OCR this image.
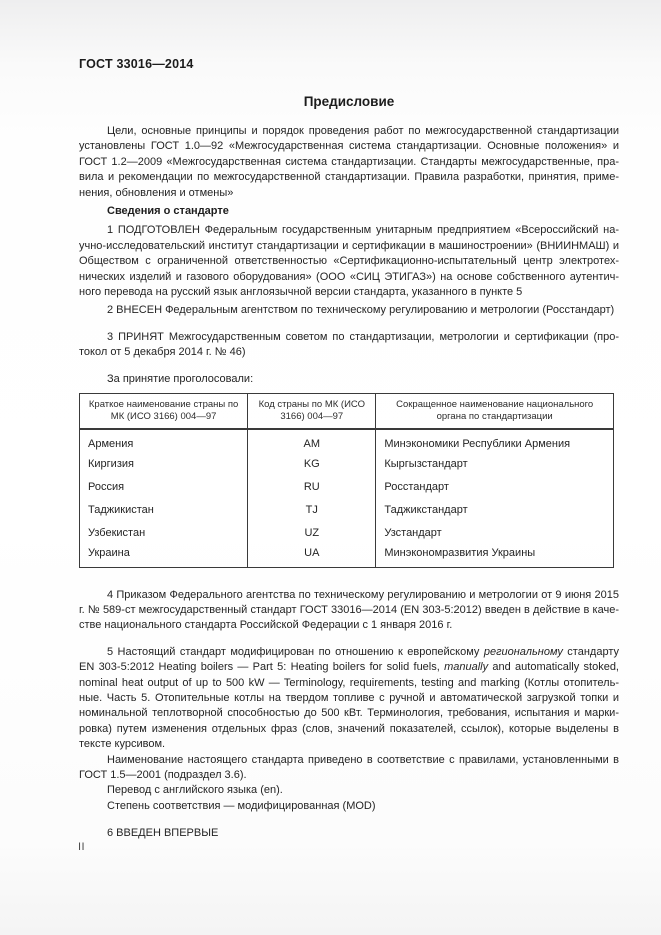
ГОСТ 33016—2014
Предисловие

Цели, основные принципы и порядок проведения работ по межгосударственной стандартизации установлены ГОСТ 1.0—92 «Межгосударственная система стандартизации. Основные положения» и ГОСТ 1.2—2009 «Межгосударственная система стандартизации. Стандарты межгосударственные, правила и рекомендации по межгосударственной стандартизации. Правила разработки, принятия, применения, обновления и отмены»

Сведения о стандарте

1 ПОДГОТОВЛЕН Федеральным государственным унитарным предприятием «Всероссийский научно-исследовательский институт стандартизации и сертификации в машиностроении» (ВНИИНМАШ) и Обществом с ограниченной ответственностью «Сертификационно-испытательный центр электротехнических изделий и газового оборудования» (ООО «СИЦ ЭТИГАЗ») на основе собственного аутентичного перевода на русский язык англоязычной версии стандарта, указанного в пункте 5

2 ВНЕСЕН Федеральным агентством по техническому регулированию и метрологии (Росстандарт)

3 ПРИНЯТ Межгосударственным советом по стандартизации, метрологии и сертификации (протокол от 5 декабря 2014 г. № 46)

За принятие проголосовали:

Краткое наименование страны по МК (ИСО 3166) 004—97	Код страны по МК (ИСО 3166) 004—97	Сокращенное наименование национального органа по стандартизации
Армения	AM	Минэкономики Республики Армения
Киргизия	KG	Кыргызстандарт
Россия	RU	Росстандарт
Таджикистан	TJ	Таджикстандарт
Узбекистан	UZ	Узстандарт
Украина	UA	Минэкономразвития Украины

4 Приказом Федерального агентства по техническому регулированию и метрологии от 9 июня 2015 г. № 589-ст межгосударственный стандарт ГОСТ 33016—2014 (EN 303-5:2012) введен в действие в качестве национального стандарта Российской Федерации с 1 января 2016 г.

5 Настоящий стандарт модифицирован по отношению к европейскому региональному стандарту EN 303-5:2012 Heating boilers — Part 5: Heating boilers for solid fuels, manually and automatically stoked, nominal heat output of up to 500 kW — Terminology, requirements, testing and marking (Котлы отопительные. Часть 5. Отопительные котлы на твердом топливе с ручной и автоматической загрузкой топки и номинальной теплотворной способностью до 500 кВт. Терминология, требования, испытания и маркировка) путем изменения отдельных фраз (слов, значений показателей, ссылок), которые выделены в тексте курсивом.

Наименование настоящего стандарта приведено в соответствие с правилами, установленными в ГОСТ 1.5—2001 (подраздел 3.6).

Перевод с английского языка (en).

Степень соответствия — модифицированная (MOD)

6 ВВЕДЕН ВПЕРВЫЕ

II
